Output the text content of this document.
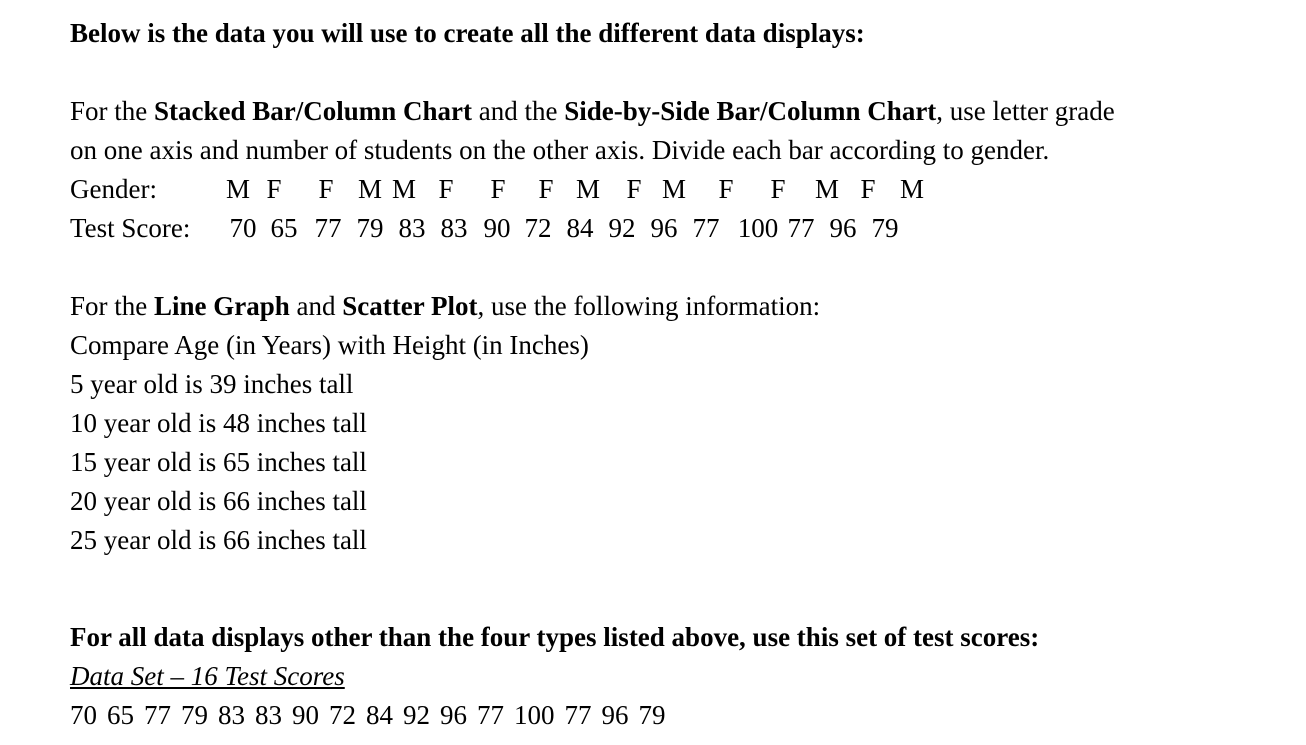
Below is the data you will use to create all the different data displays:
For the Stacked Bar/Column Chart and the Side-by-Side Bar/Column Chart, use letter grade
on one axis and number of students on the other axis. Divide each bar according to gender.
Gender:	M F	F M M F	F	F M F M	F	F	M F M
Test Score: 70 65 77 79 83 83 90 72 84 92 96 77 100 77 96 79
For the Line Graph and Scatter Plot, use the following information:
Compare Age (in Years) with Height (in Inches)
5 year old is 39 inches tall
10 year old is 48 inches tall
15 year old is 65 inches tall
20 year old is 66 inches tall
25 year old is 66 inches tall
For all data displays other than the four types listed above, use this set of test scores:
Data Set – 16 Test Scores
70 65 77 79 83 83 90 72 84 92 96 77 100 77 96 79
